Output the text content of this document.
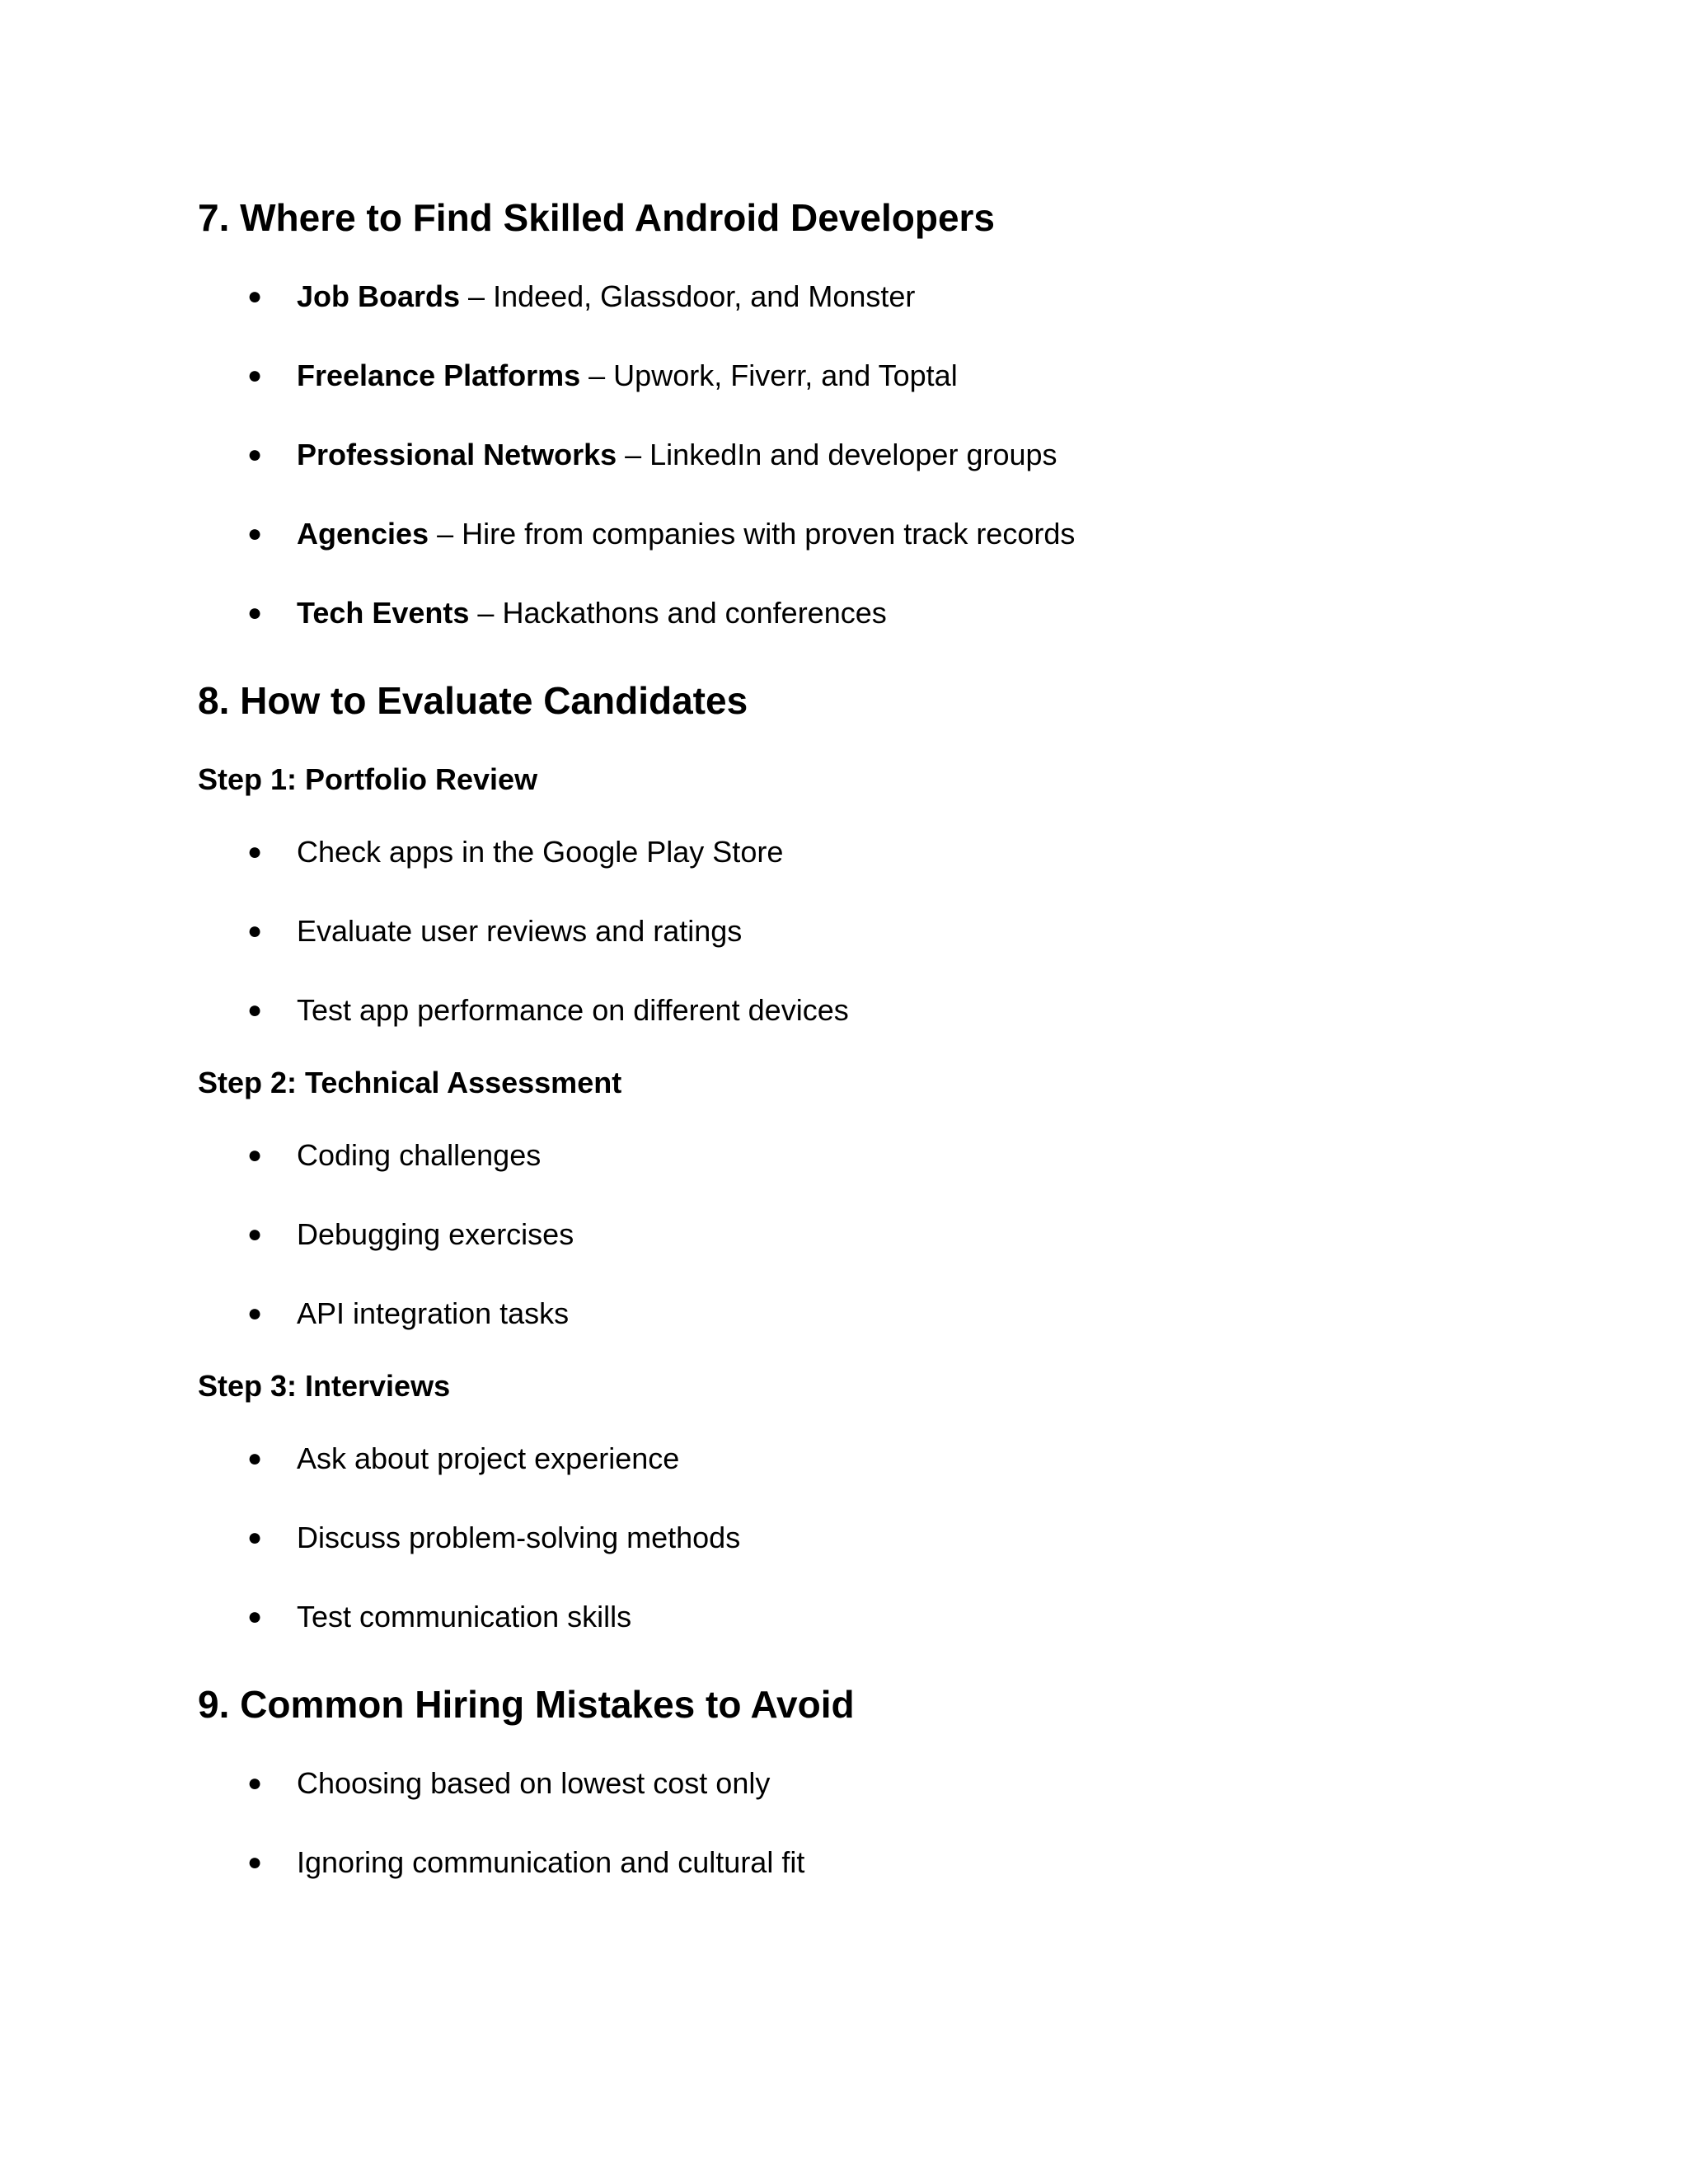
7. Where to Find Skilled Android Developers
●	Job Boards – Indeed, Glassdoor, and Monster
●	Freelance Platforms – Upwork, Fiverr, and Toptal
●	Professional Networks – LinkedIn and developer groups
●	Agencies – Hire from companies with proven track records
●	Tech Events – Hackathons and conferences
8. How to Evaluate Candidates
Step 1: Portfolio Review
●	Check apps in the Google Play Store
●	Evaluate user reviews and ratings
●	Test app performance on different devices
Step 2: Technical Assessment
●	Coding challenges
●	Debugging exercises
●	API integration tasks
Step 3: Interviews
●	Ask about project experience
●	Discuss problem-solving methods
●	Test communication skills
9. Common Hiring Mistakes to Avoid
●	Choosing based on lowest cost only
●	Ignoring communication and cultural fit
